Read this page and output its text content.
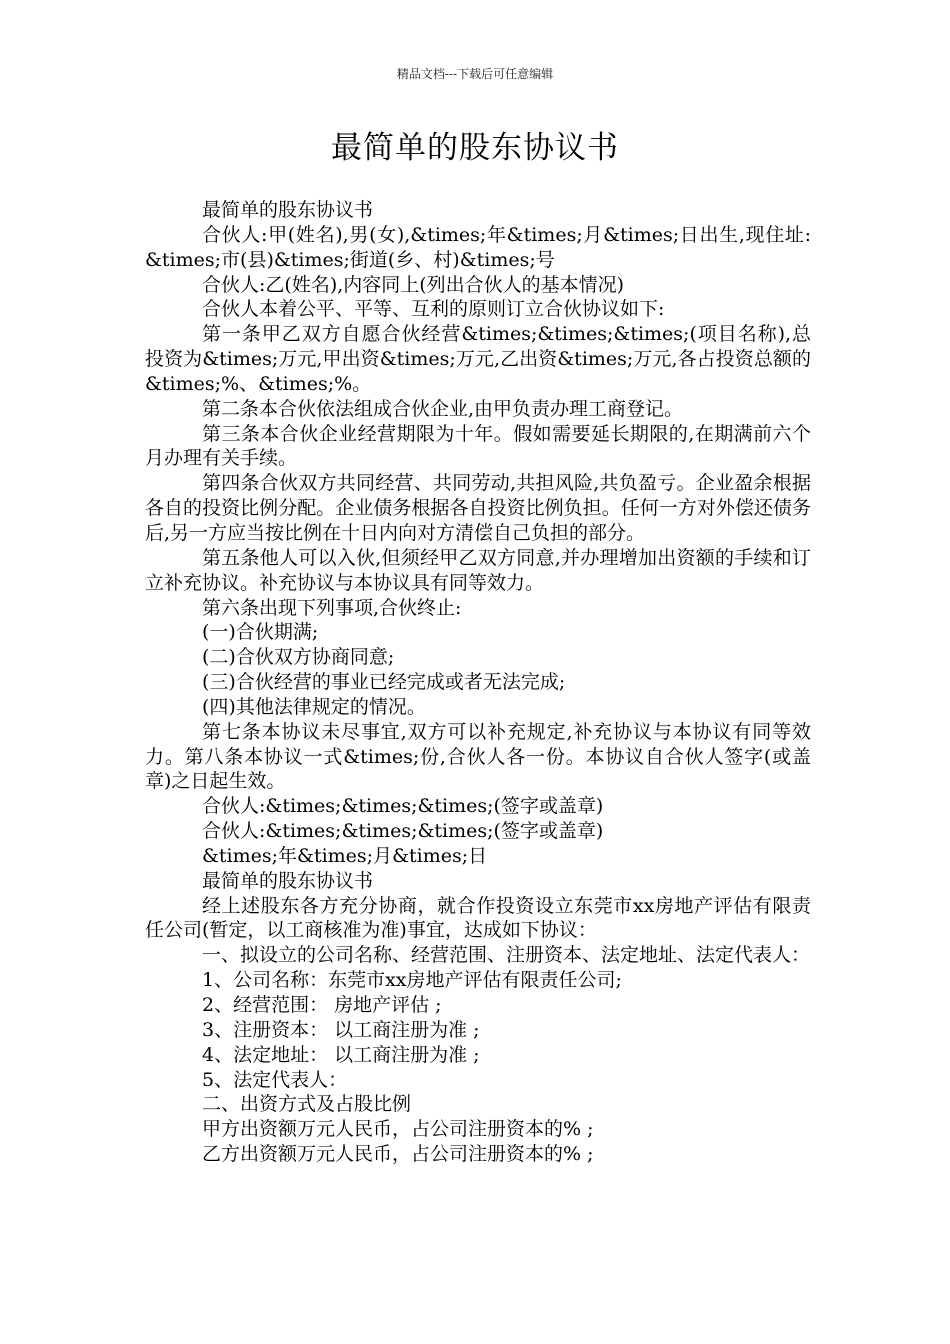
精品文档---下载后可任意编辑
最简单的股东协议书

最简单的股东协议书

合伙人:甲(姓名),男(女),&times;年&times;月&times;日出生,现住址:&times;市(县)&times;街道(乡、村)&times;号

合伙人:乙(姓名),内容同上(列出合伙人的基本情况)

合伙人本着公平、平等、互利的原则订立合伙协议如下:

第一条甲乙双方自愿合伙经营&times;&times;&times;(项目名称),总投资为&times;万元,甲出资&times;万元,乙出资&times;万元,各占投资总额的&times;%、&times;%。

第二条本合伙依法组成合伙企业,由甲负责办理工商登记。

第三条本合伙企业经营期限为十年。假如需要延长期限的,在期满前六个月办理有关手续。

第四条合伙双方共同经营、共同劳动,共担风险,共负盈亏。企业盈余根据各自的投资比例分配。企业债务根据各自投资比例负担。任何一方对外偿还债务后,另一方应当按比例在十日内向对方清偿自己负担的部分。

第五条他人可以入伙,但须经甲乙双方同意,并办理增加出资额的手续和订立补充协议。补充协议与本协议具有同等效力。

第六条出现下列事项,合伙终止:

(一)合伙期满;

(二)合伙双方协商同意;

(三)合伙经营的事业已经完成或者无法完成;

(四)其他法律规定的情况。

第七条本协议未尽事宜,双方可以补充规定,补充协议与本协议有同等效力。第八条本协议一式&times;份,合伙人各一份。本协议自合伙人签字(或盖章)之日起生效。

合伙人:&times;&times;&times;(签字或盖章)

合伙人:&times;&times;&times;(签字或盖章)

&times;年&times;月&times;日

最简单的股东协议书

经上述股东各方充分协商，就合作投资设立东莞市xx房地产评估有限责任公司(暂定，以工商核准为准)事宜，达成如下协议：

一、拟设立的公司名称、经营范围、注册资本、法定地址、法定代表人：

1、公司名称：东莞市xx房地产评估有限责任公司;

2、经营范围： 房地产评估 ;

3、注册资本： 以工商注册为准 ;

4、法定地址： 以工商注册为准 ;

5、法定代表人：

二、出资方式及占股比例

甲方出资额万元人民币，占公司注册资本的% ;

乙方出资额万元人民币，占公司注册资本的% ;
